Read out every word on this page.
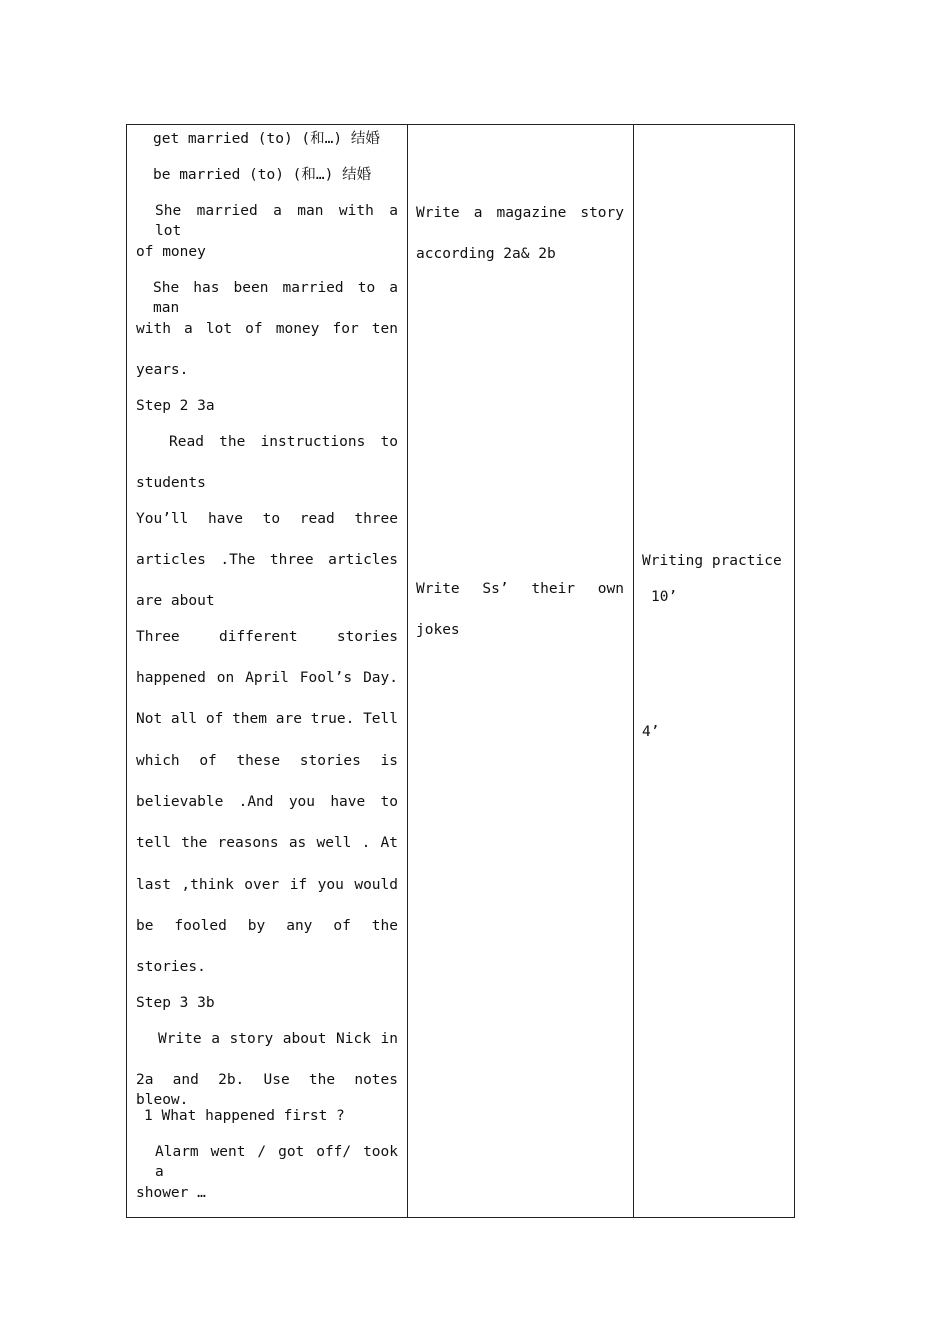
get married (to) (和…) 结婚
be married (to) (和…) 结婚
She married a man with a lot
of money
She has been married to a man
with a lot of money for ten
years.
Step 2 3a
Read the instructions to
students
You’ll have to read three
articles .The three articles
are about
Three different stories
happened on April Fool’s Day.
Not all of them are true. Tell
which of these stories is
believable .And you have to
tell the reasons as well . At
last ,think over if you would
be fooled by any of the
stories.
Step 3 3b
Write a story about Nick in
2a and 2b. Use the notes bleow.
1 What happened first ?
Alarm went / got off/ took a
shower …
Write a magazine story
according 2a& 2b
Write Ss’ their own
jokes
Writing practice
10’
4’
